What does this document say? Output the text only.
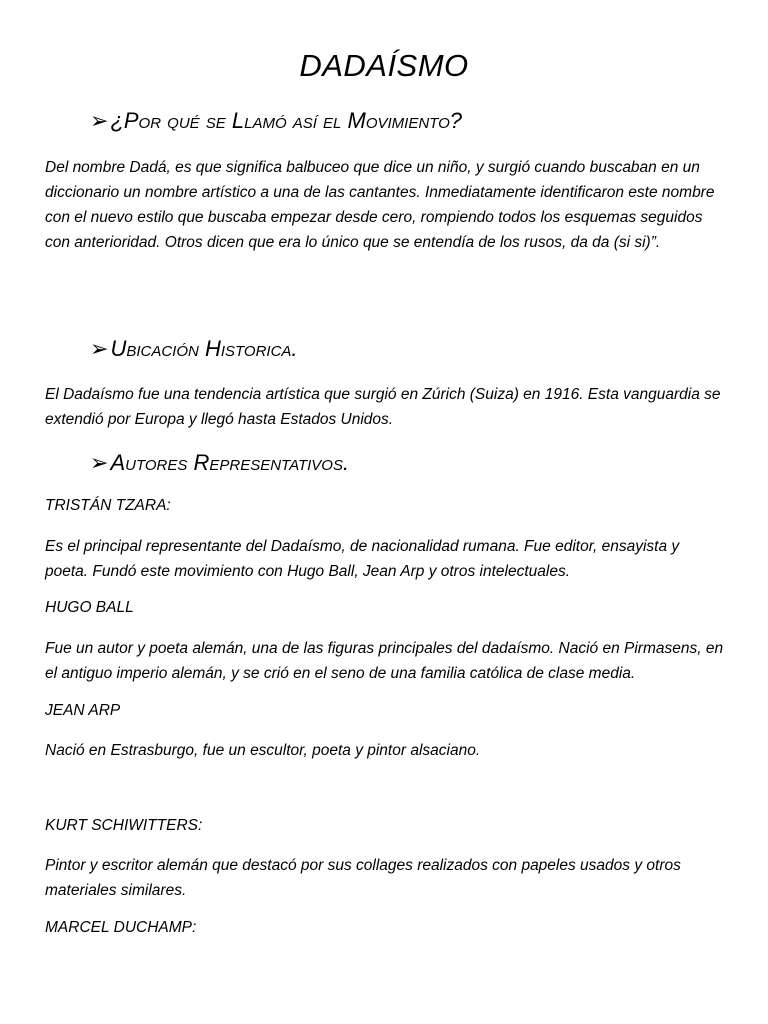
DADAÍSMO
➢¿Por qué se Llamó así el Movimiento?
Del nombre Dadá, es que significa balbuceo que dice un niño, y surgió cuando buscaban en un diccionario un nombre artístico a una de las cantantes. Inmediatamente identificaron este nombre con el nuevo estilo que buscaba empezar desde cero, rompiendo todos los esquemas seguidos con anterioridad. Otros dicen que era lo único que se entendía de los rusos, da da (si si)”.
➢Ubicación Historica.
El Dadaísmo fue una tendencia artística que surgió en Zúrich (Suiza) en 1916. Esta vanguardia se extendió por Europa y llegó hasta Estados Unidos.
➢Autores Representativos.
TRISTÁN TZARA:
Es el principal representante del Dadaísmo, de nacionalidad rumana. Fue editor, ensayista y poeta. Fundó este movimiento con Hugo Ball, Jean Arp y otros intelectuales.
HUGO BALL
Fue un autor y poeta alemán, una de las figuras principales del dadaísmo. Nació en Pirmasens, en el antiguo imperio alemán, y se crió en el seno de una familia católica de clase media.
JEAN ARP
Nació en Estrasburgo, fue un escultor, poeta y pintor alsaciano.
KURT SCHIWITTERS:
Pintor y escritor alemán que destacó por sus collages realizados con papeles usados y otros materiales similares.
MARCEL DUCHAMP:
